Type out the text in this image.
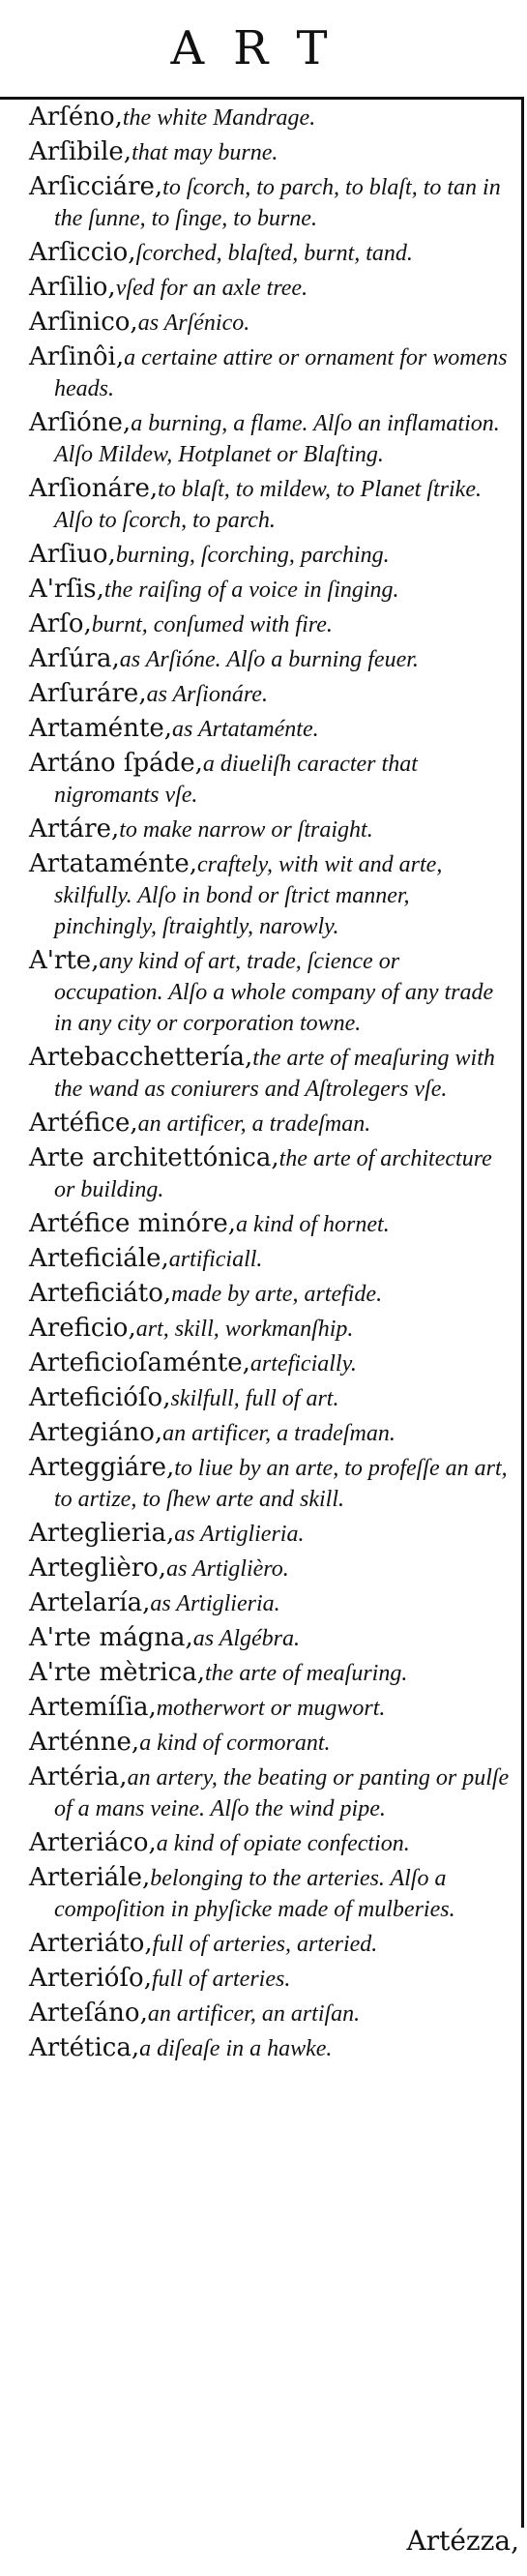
ART
Arſéno,the white Mandrage.
Arſibile,that may burne.
Arſicciáre,to ſcorch, to parch, to blaſt, to tan in the ſunne, to ſinge, to burne.
Arſiccio,ſcorched, blaſted, burnt, tand.
Arſilio,vſed for an axle tree.
Arſinico,as Arſénico.
Arſinôi,a certaine attire or ornament for womens heads.
Arſióne,a burning, a flame. Alſo an inflamation. Alſo Mildew, Hotplanet or Blaſting.
Arſionáre,to blaſt, to mildew, to Planet ſtrike. Alſo to ſcorch, to parch.
Arſiuo,burning, ſcorching, parching.
A'rſis,the raiſing of a voice in ſinging.
Arſo,burnt, conſumed with fire.
Arſúra,as Arſióne. Alſo a burning feuer.
Arſuráre,as Arſionáre.
Artaménte,as Artataménte.
Artáno ſpáde,a diueliſh caracter that nigromants vſe.
Artáre,to make narrow or ſtraight.
Artataménte,craftely, with wit and arte, skilfully. Alſo in bond or ſtrict manner, pinchingly, ſtraightly, narowly.
A'rte,any kind of art, trade, ſcience or occupation. Alſo a whole company of any trade in any city or corporation towne.
Artebacchettería,the arte of meaſuring with the wand as coniurers and Aſtrolegers vſe.
Artéfice,an artificer, a tradeſman.
Arte architettónica,the arte of architecture or building.
Artéfice minóre,a kind of hornet.
Arteficiále,artificiall.
Arteficiáto,made by arte, artefide.
Areficio,art, skill, workmanſhip.
Arteficioſaménte,arteficially.
Arteficióſo,skilfull, full of art.
Artegiáno,an artificer, a tradeſman.
Arteggiáre,to liue by an arte, to profeſſe an art, to artize, to ſhew arte and skill.
Arteglieria,as Artiglieria.
Arteglièro,as Artiglièro.
Artelaría,as Artiglieria.
A'rte mágna,as Algébra.
A'rte mètrica,the arte of meaſuring.
Artemíſia,motherwort or mugwort.
Arténne,a kind of cormorant.
Artéria,an artery, the beating or panting or pulſe of a mans veine. Alſo the wind pipe.
Arteriáco,a kind of opiate confection.
Arteriále,belonging to the arteries. Alſo a compoſition in phyſicke made of mulberies.
Arteriáto,full of arteries, arteried.
Arterióſo,full of arteries.
Arteſáno,an artificer, an artiſan.
Artética,a diſeaſe in a hawke.
Artézza,
